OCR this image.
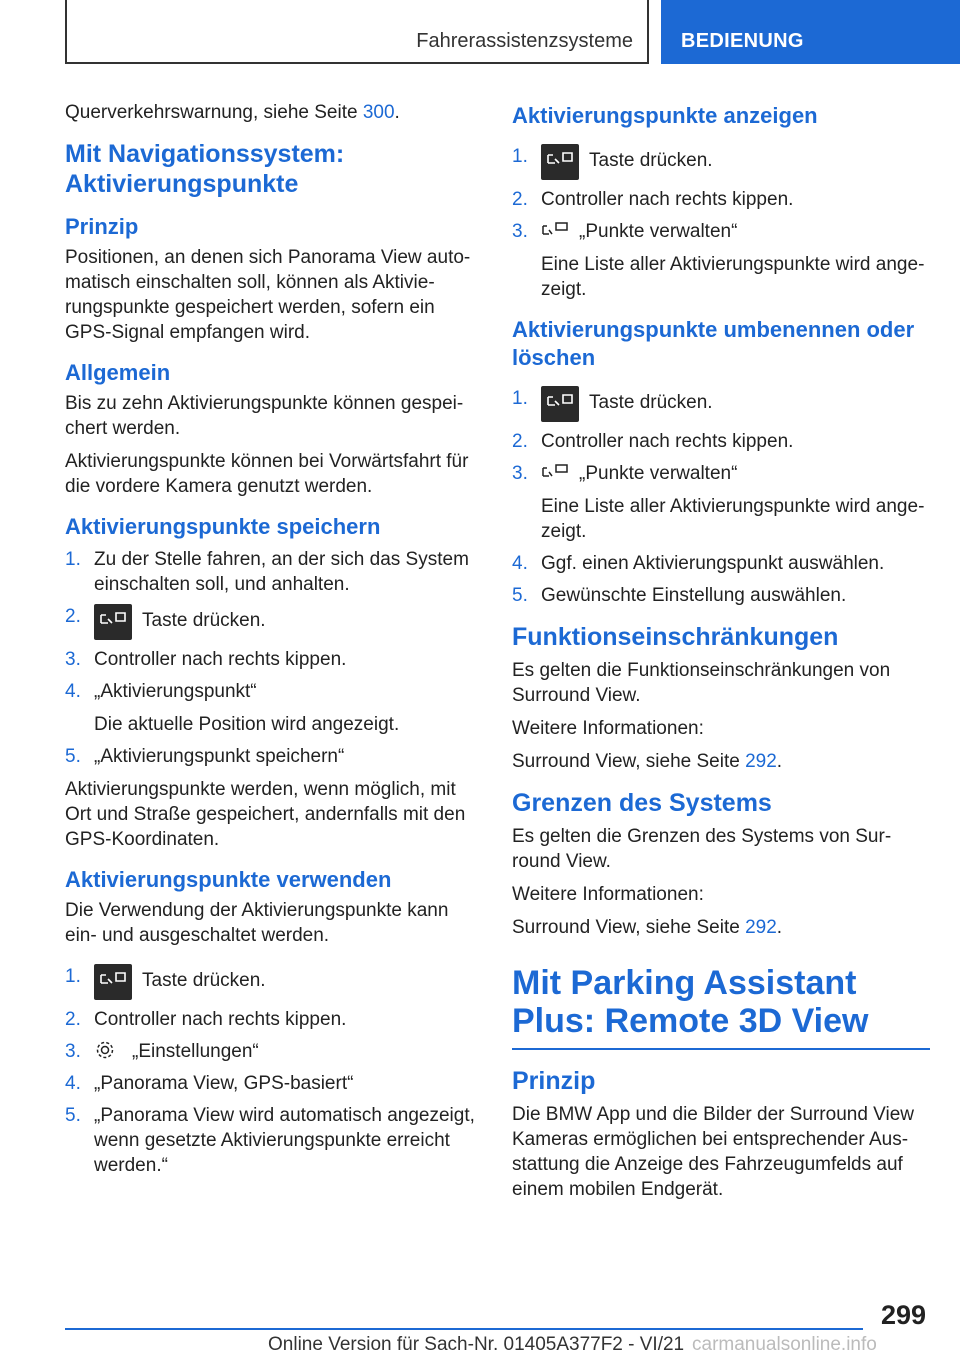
Fahrerassistenzsysteme BEDIENUNG

Querverkehrswarnung, siehe Seite 300.

Mit Navigationssystem: Aktivierungspunkte
Prinzip

Positionen, an denen sich Panorama View automatisch einschalten soll, können als Aktivierungspunkte gespeichert werden, sofern ein GPS-Signal empfangen wird.

Allgemein

Bis zu zehn Aktivierungspunkte können gespeichert werden.

Aktivierungspunkte können bei Vorwärtsfahrt für die vordere Kamera genutzt werden.

Aktivierungspunkte speichern
1. Zu der Stelle fahren, an der sich das System einschalten soll, und anhalten.
2.	Taste drücken.
3. Controller nach rechts kippen.
4. „Aktivierungspunkt“
Die aktuelle Position wird angezeigt.
5. „Aktivierungspunkt speichern“

Aktivierungspunkte werden, wenn möglich, mit Ort und Straße gespeichert, andernfalls mit den GPS-Koordinaten.

Aktivierungspunkte verwenden

Die Verwendung der Aktivierungspunkte kann ein- und ausgeschaltet werden.

1.	Taste drücken.
2. Controller nach rechts kippen.
3.	„Einstellungen“
4. „Panorama View, GPS-basiert“
5. „Panorama View wird automatisch angezeigt, wenn gesetzte Aktivierungspunkte erreicht werden.“
Aktivierungspunkte anzeigen
1.	Taste drücken.
2. Controller nach rechts kippen.
3.	„Punkte verwalten“
Eine Liste aller Aktivierungspunkte wird angezeigt.
Aktivierungspunkte umbenennen oder löschen
1.	Taste drücken.
2. Controller nach rechts kippen.
3.	„Punkte verwalten“
Eine Liste aller Aktivierungspunkte wird angezeigt.
4. Ggf. einen Aktivierungspunkt auswählen.
5. Gewünschte Einstellung auswählen.
Funktionseinschränkungen

Es gelten die Funktionseinschränkungen von Surround View.

Weitere Informationen:

Surround View, siehe Seite 292.

Grenzen des Systems

Es gelten die Grenzen des Systems von Surround View.

Weitere Informationen:

Surround View, siehe Seite 292.

Mit Parking Assistant Plus: Remote 3D View
Prinzip

Die BMW App und die Bilder der Surround View Kameras ermöglichen bei entsprechender Ausstattung die Anzeige des Fahrzeugumfelds auf einem mobilen Endgerät.

299
Online Version für Sach-Nr. 01405A377F2 - VI/21 carmanualsonline.info
